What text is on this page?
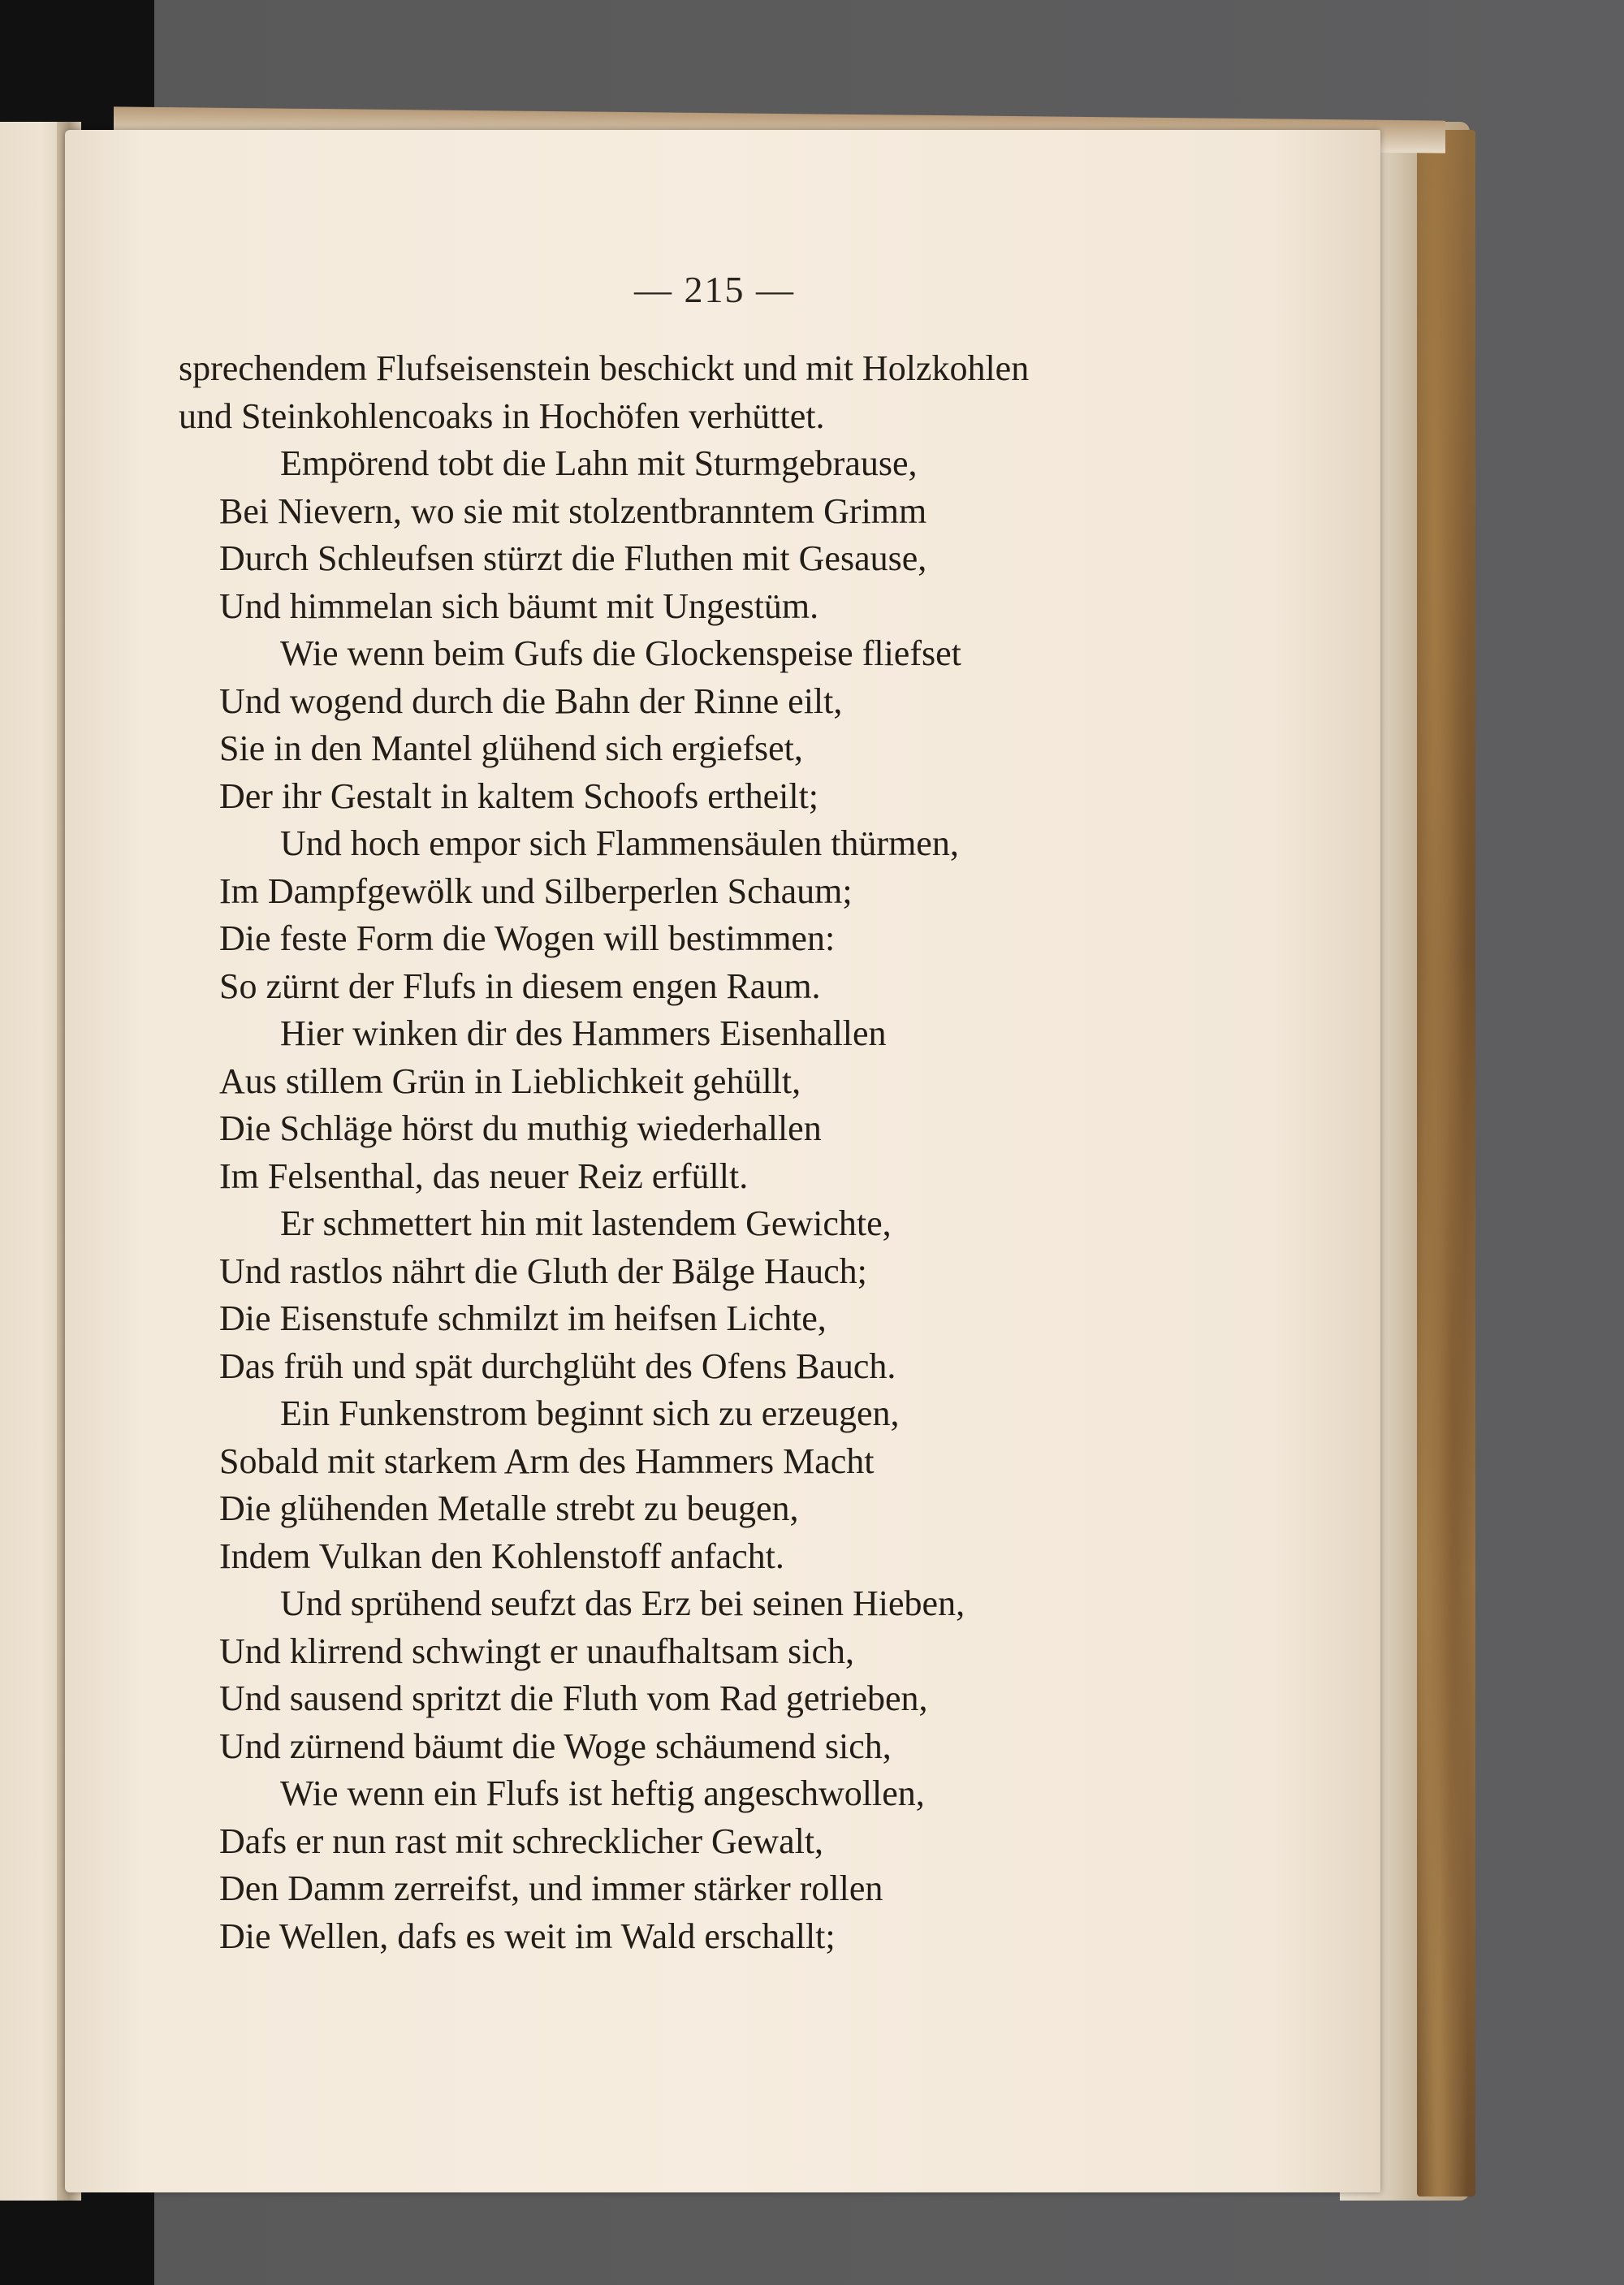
— 215 —
sprechendem Flufseisenstein beschickt und mit Holzkohlen
und Steinkohlencoaks in Hochöfen verhüttet.
Empörend tobt die Lahn mit Sturmgebrause,
Bei Nievern, wo sie mit stolzentbranntem Grimm
Durch Schleufsen stürzt die Fluthen mit Gesause,
Und himmelan sich bäumt mit Ungestüm.
Wie wenn beim Gufs die Glockenspeise fliefset
Und wogend durch die Bahn der Rinne eilt,
Sie in den Mantel glühend sich ergiefset,
Der ihr Gestalt in kaltem Schoofs ertheilt;
Und hoch empor sich Flammensäulen thürmen,
Im Dampfgewölk und Silberperlen Schaum;
Die feste Form die Wogen will bestimmen:
So zürnt der Flufs in diesem engen Raum.
Hier winken dir des Hammers Eisenhallen
Aus stillem Grün in Lieblichkeit gehüllt,
Die Schläge hörst du muthig wiederhallen
Im Felsenthal, das neuer Reiz erfüllt.
Er schmettert hin mit lastendem Gewichte,
Und rastlos nährt die Gluth der Bälge Hauch;
Die Eisenstufe schmilzt im heifsen Lichte,
Das früh und spät durchglüht des Ofens Bauch.
Ein Funkenstrom beginnt sich zu erzeugen,
Sobald mit starkem Arm des Hammers Macht
Die glühenden Metalle strebt zu beugen,
Indem Vulkan den Kohlenstoff anfacht.
Und sprühend seufzt das Erz bei seinen Hieben,
Und klirrend schwingt er unaufhaltsam sich,
Und sausend spritzt die Fluth vom Rad getrieben,
Und zürnend bäumt die Woge schäumend sich,
Wie wenn ein Flufs ist heftig angeschwollen,
Dafs er nun rast mit schrecklicher Gewalt,
Den Damm zerreifst, und immer stärker rollen
Die Wellen, dafs es weit im Wald erschallt;
